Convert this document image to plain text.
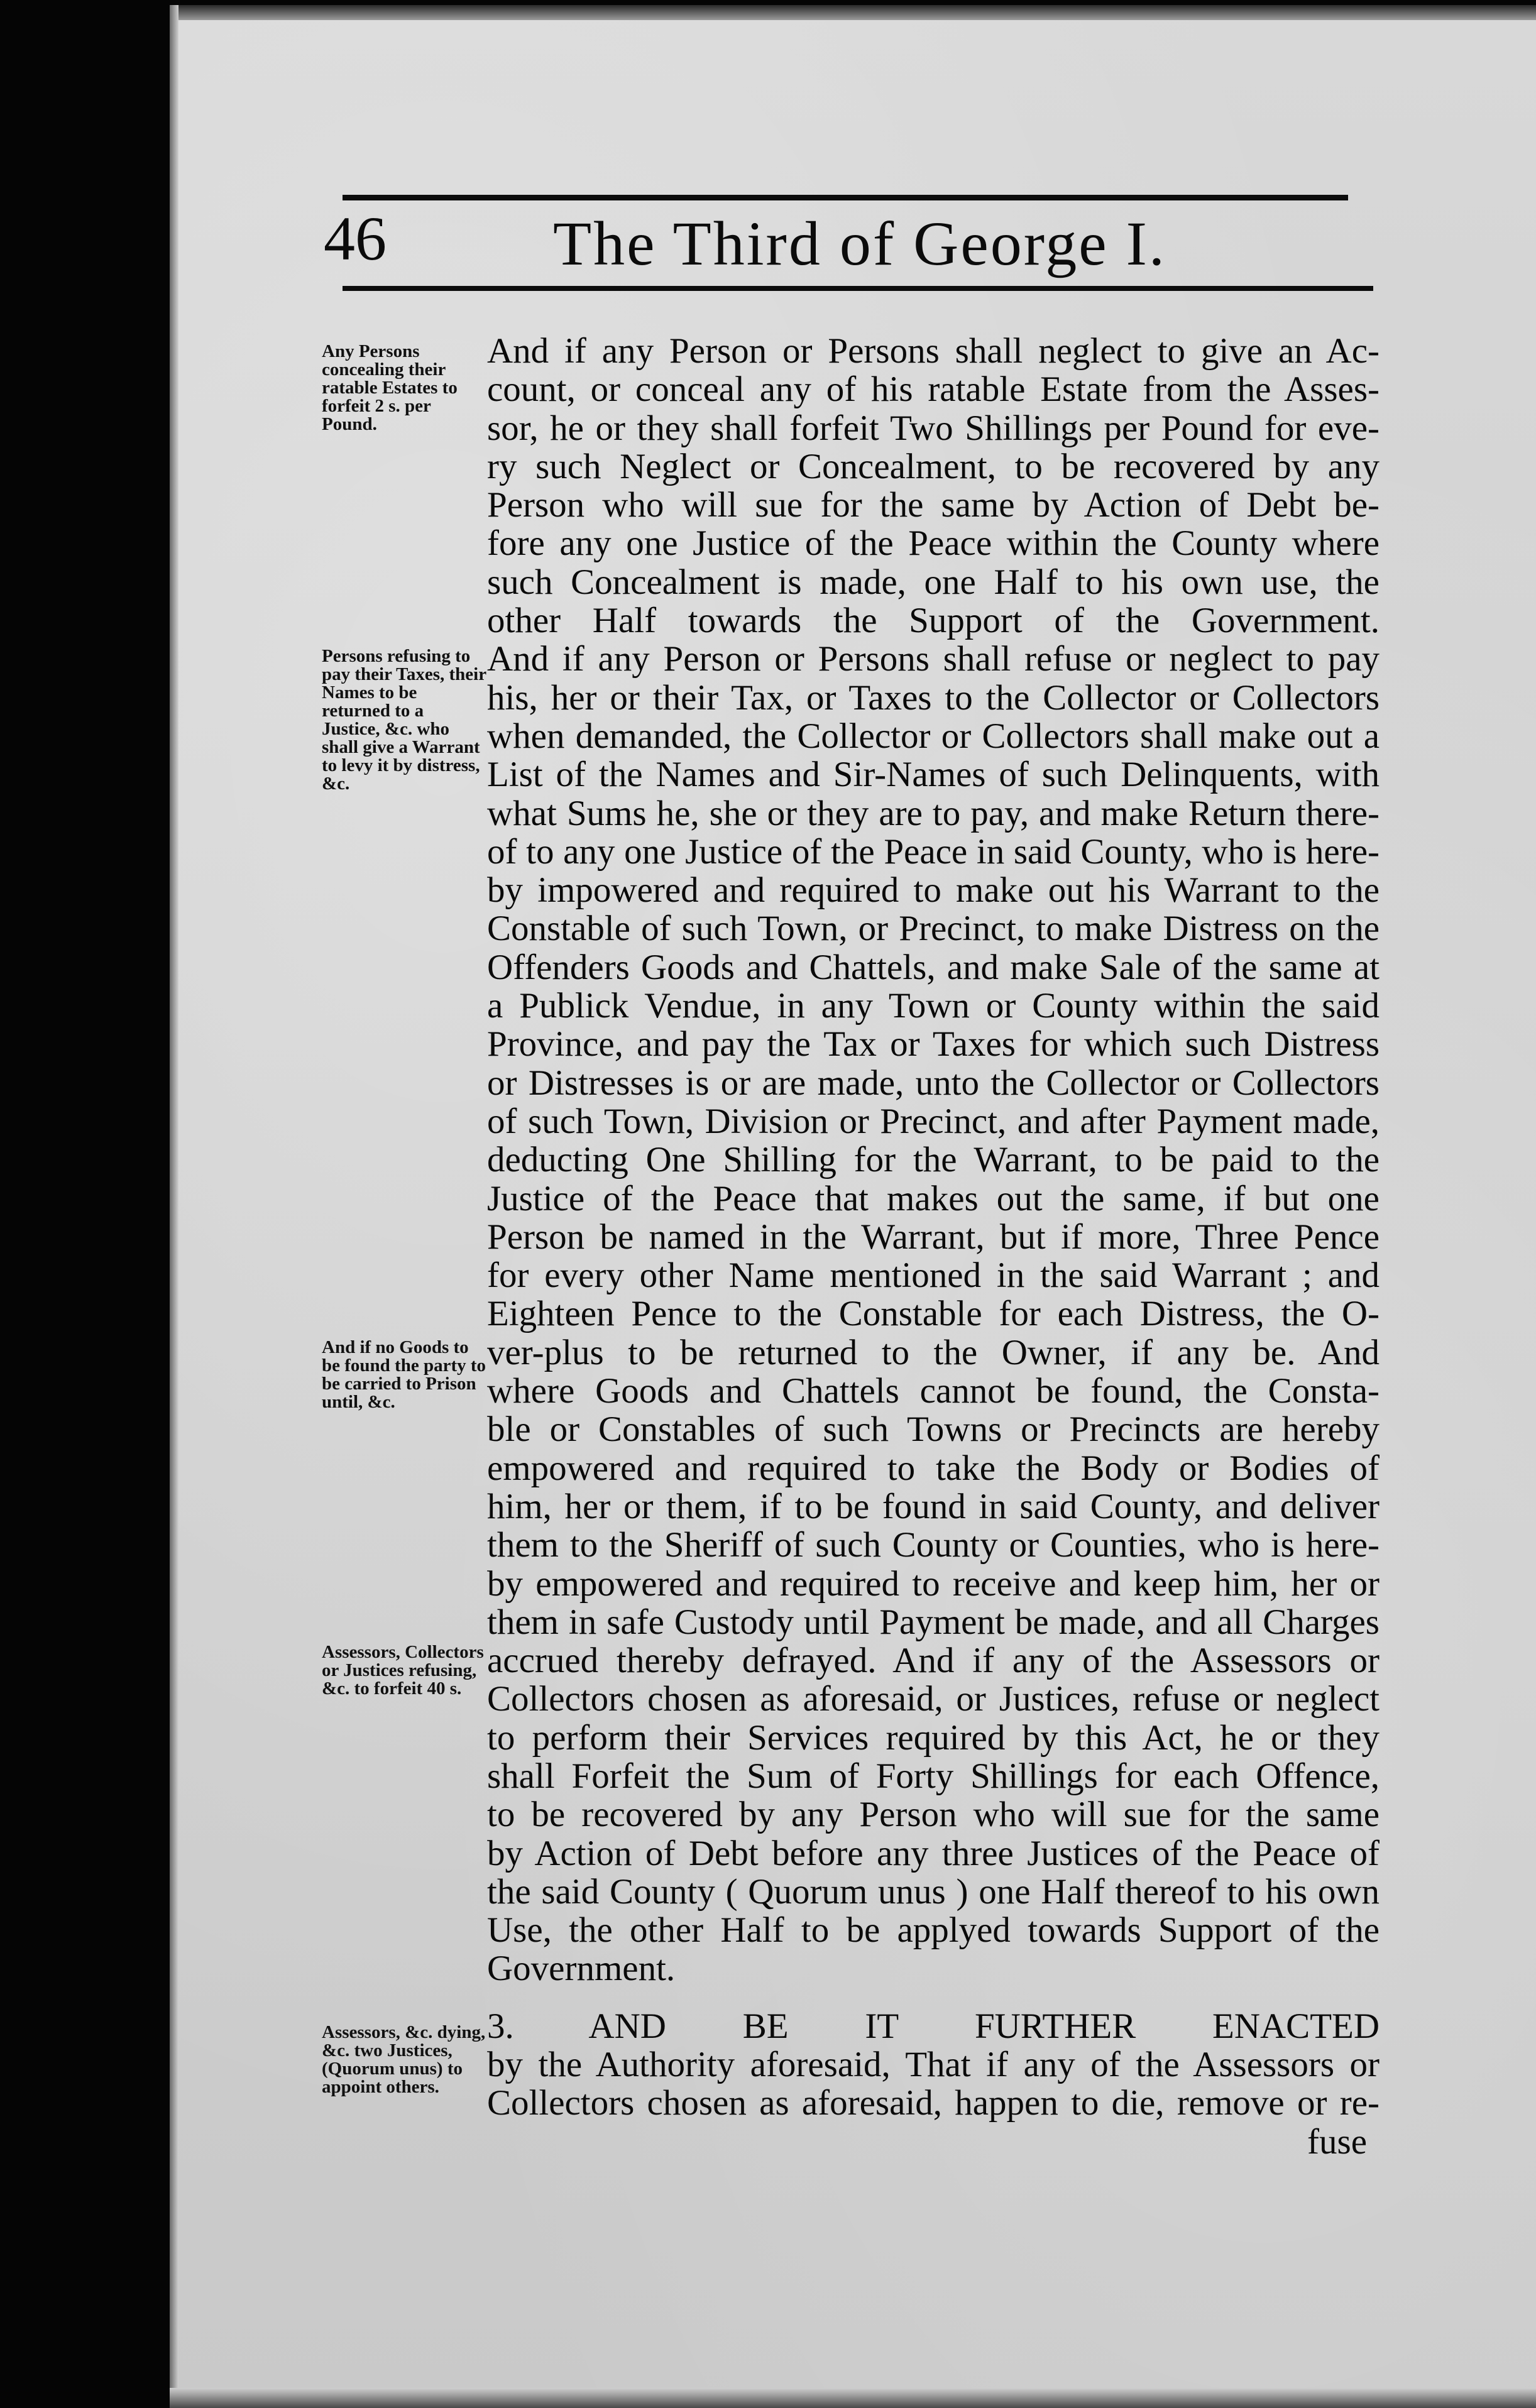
46	The Third of George I.
Any Persons concealing their ratable Estates to forfeit 2 s. per Pound.
Persons refusing to pay their Taxes, their Names to be returned to a Justice, &c. who shall give a Warrant to levy it by distress, &c.
And if no Goods to be found the party to be carried to Prison until, &c.
Assessors, Collectors or Justices refusing, &c. to forfeit 40 s.
Assessors, &c. dying, &c. two Justices, (Quorum unus) to appoint others.
And if any Person or Persons shall neglect to give an Ac-
count, or conceal any of his ratable Estate from the Asses-
sor, he or they shall forfeit Two Shillings per Pound for eve-
ry such Neglect or Concealment, to be recovered by any
Person who will sue for the same by Action of Debt be-
fore any one Justice of the Peace within the County where
such Concealment is made, one Half to his own use, the
other Half towards the Support of the Government.
And if any Person or Persons shall refuse or neglect to pay
his, her or their Tax, or Taxes to the Collector or Collectors
when demanded, the Collector or Collectors shall make out a
List of the Names and Sir-Names of such Delinquents, with
what Sums he, she or they are to pay, and make Return there-
of to any one Justice of the Peace in said County, who is here-
by impowered and required to make out his Warrant to the
Constable of such Town, or Precinct, to make Distress on the
Offenders Goods and Chattels, and make Sale of the same at
a Publick Vendue, in any Town or County within the said
Province, and pay the Tax or Taxes for which such Distress
or Distresses is or are made, unto the Collector or Collectors
of such Town, Division or Precinct, and after Payment made,
deducting One Shilling for the Warrant, to be paid to the
Justice of the Peace that makes out the same, if but one
Person be named in the Warrant, but if more, Three Pence
for every other Name mentioned in the said Warrant ; and
Eighteen Pence to the Constable for each Distress, the O-
ver-plus to be returned to the Owner, if any be. And
where Goods and Chattels cannot be found, the Consta-
ble or Constables of such Towns or Precincts are hereby
empowered and required to take the Body or Bodies of
him, her or them, if to be found in said County, and deliver
them to the Sheriff of such County or Counties, who is here-
by empowered and required to receive and keep him, her or
them in safe Custody until Payment be made, and all Charges
accrued thereby defrayed. And if any of the Assessors or
Collectors chosen as aforesaid, or Justices, refuse or neglect
to perform their Services required by this Act, he or they
shall Forfeit the Sum of Forty Shillings for each Offence,
to be recovered by any Person who will sue for the same
by Action of Debt before any three Justices of the Peace of
the said County ( Quorum unus ) one Half thereof to his own
Use, the other Half to be applyed towards Support of the
Government.
3. AND BE IT FURTHER ENACTED
by the Authority aforesaid, That if any of the Assessors or
Collectors chosen as aforesaid, happen to die, remove or re-
fuse
